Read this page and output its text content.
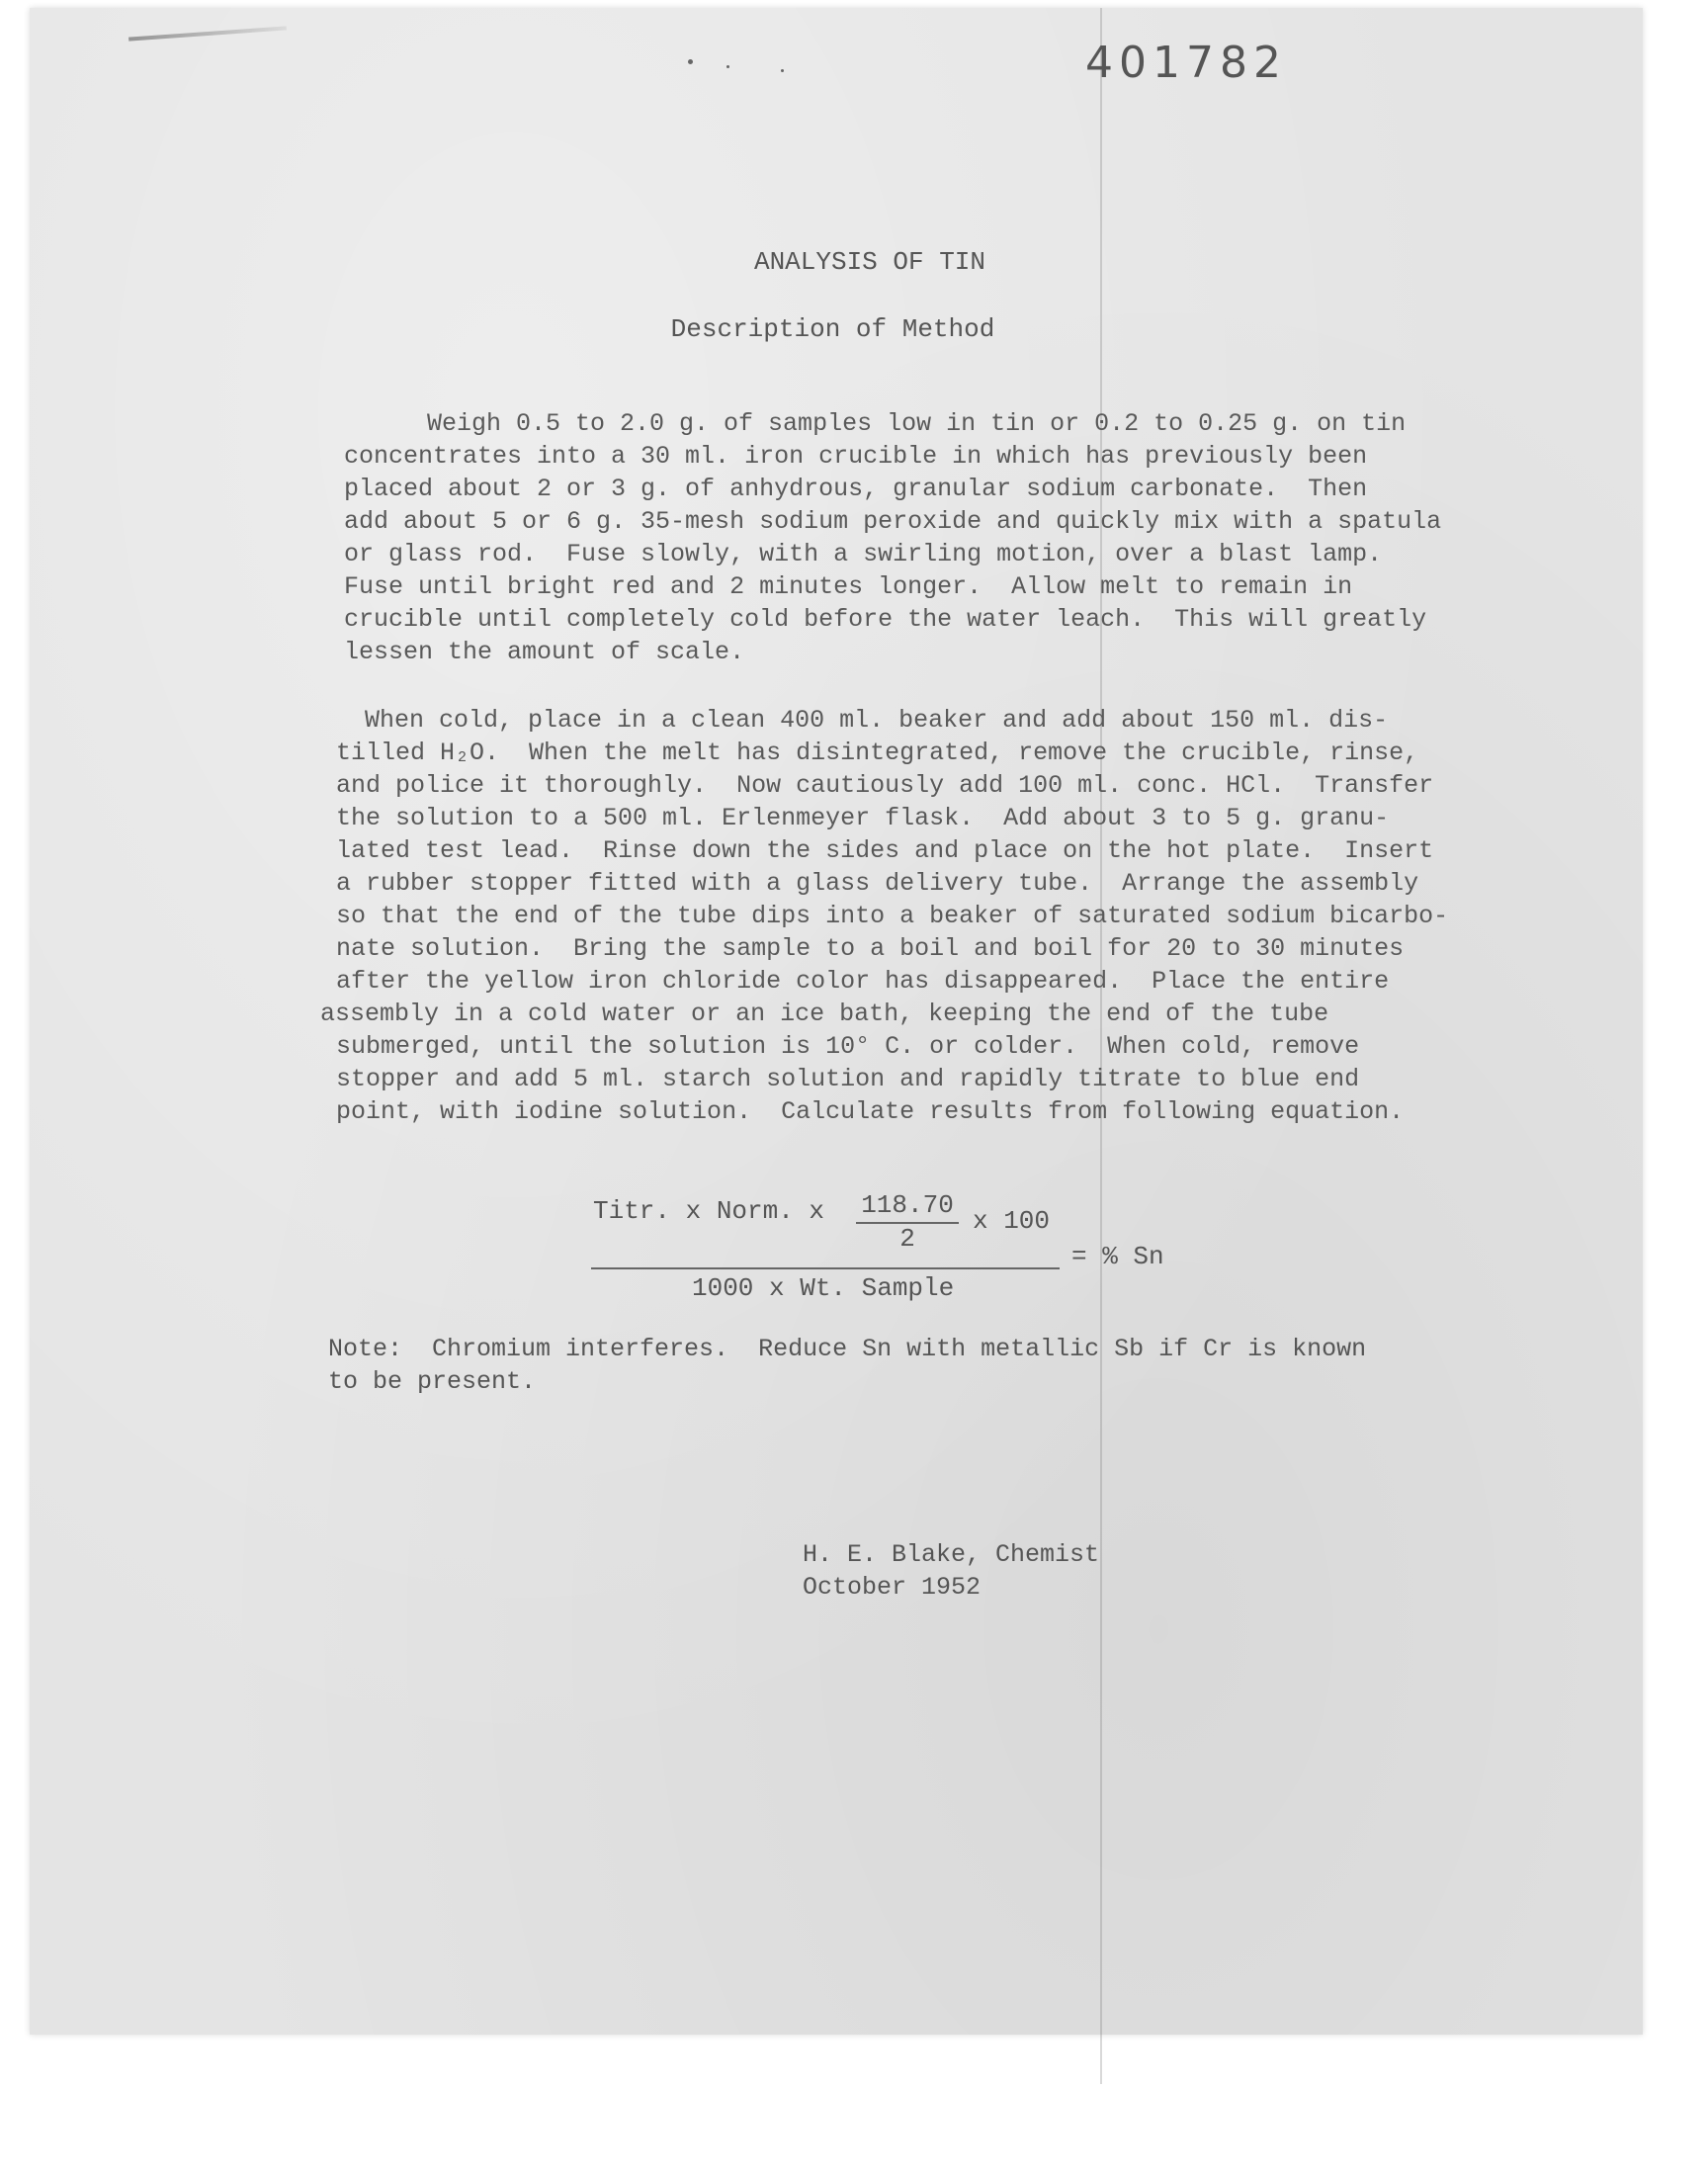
401782
ANALYSIS OF TIN
Description of Method
Weigh 0.5 to 2.0 g. of samples low in tin or 0.2 to 0.25 g. on tin
concentrates into a 30 ml. iron crucible in which has previously been
placed about 2 or 3 g. of anhydrous, granular sodium carbonate.  Then
add about 5 or 6 g. 35-mesh sodium peroxide and quickly mix with a spatula
or glass rod.  Fuse slowly, with a swirling motion, over a blast lamp.
Fuse until bright red and 2 minutes longer.  Allow melt to remain in
crucible until completely cold before the water leach.  This will greatly
lessen the amount of scale.
When cold, place in a clean 400 ml. beaker and add about 150 ml. dis-
tilled H₂O.  When the melt has disintegrated, remove the crucible, rinse,
and police it thoroughly.  Now cautiously add 100 ml. conc. HCl.  Transfer
the solution to a 500 ml. Erlenmeyer flask.  Add about 3 to 5 g. granu-
lated test lead.  Rinse down the sides and place on the hot plate.  Insert
a rubber stopper fitted with a glass delivery tube.  Arrange the assembly
so that the end of the tube dips into a beaker of saturated sodium bicarbo-
nate solution.  Bring the sample to a boil and boil for 20 to 30 minutes
after the yellow iron chloride color has disappeared.  Place the entire
assembly in a cold water or an ice bath, keeping the end of the tube
submerged, until the solution is 10° C. or colder.  When cold, remove
stopper and add 5 ml. starch solution and rapidly titrate to blue end
point, with iodine solution.  Calculate results from following equation.
Titr. x Norm. x $\frac{118.70}{2}$ x 100
= % Sn
1000 x Wt. Sample
Note:  Chromium interferes.  Reduce Sn with metallic Sb if Cr is known
to be present.
H. E. Blake, Chemist
October 1952
